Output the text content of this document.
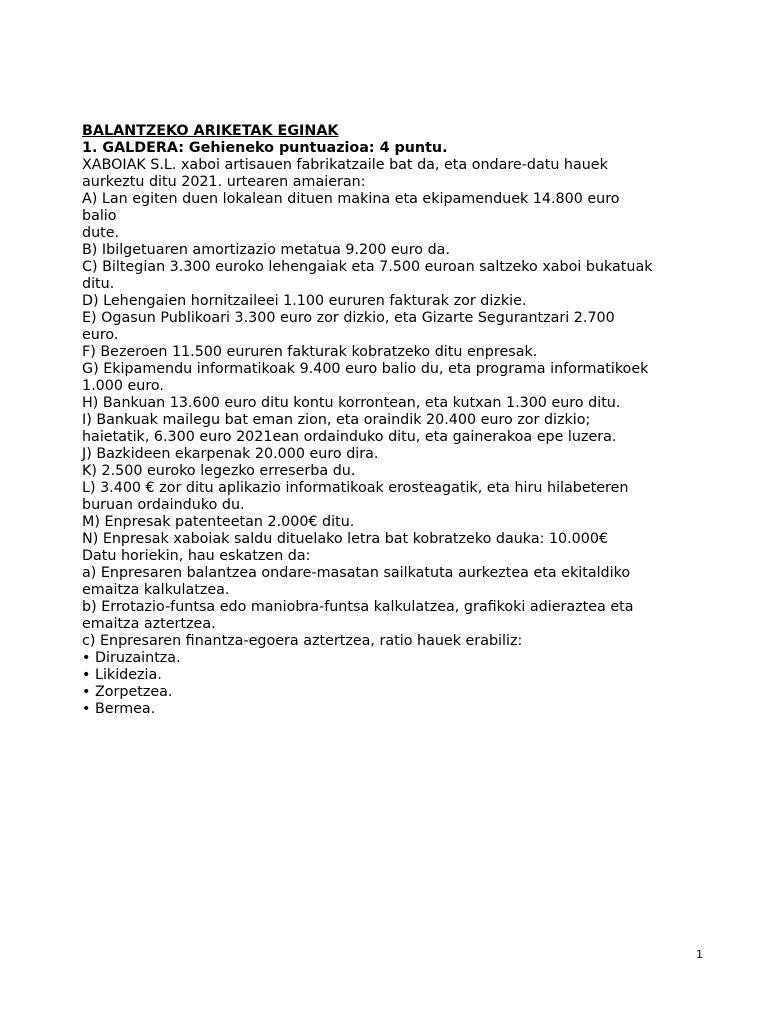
BALANTZEKO ARIKETAK EGINAK
1. GALDERA: Gehieneko puntuazioa: 4 puntu.
XABOIAK S.L. xaboi artisauen fabrikatzaile bat da, eta ondare-datu hauek
aurkeztu ditu 2021. urtearen amaieran:
A) Lan egiten duen lokalean dituen makina eta ekipamenduek 14.800 euro
balio
dute.
B) Ibilgetuaren amortizazio metatua 9.200 euro da.
C) Biltegian 3.300 euroko lehengaiak eta 7.500 euroan saltzeko xaboi bukatuak
ditu.
D) Lehengaien hornitzaileei 1.100 eururen fakturak zor dizkie.
E) Ogasun Publikoari 3.300 euro zor dizkio, eta Gizarte Segurantzari 2.700
euro.
F) Bezeroen 11.500 eururen fakturak kobratzeko ditu enpresak.
G) Ekipamendu informatikoak 9.400 euro balio du, eta programa informatikoek
1.000 euro.
H) Bankuan 13.600 euro ditu kontu korrontean, eta kutxan 1.300 euro ditu.
I) Bankuak mailegu bat eman zion, eta oraindik 20.400 euro zor dizkio;
haietatik, 6.300 euro 2021ean ordainduko ditu, eta gainerakoa epe luzera.
J) Bazkideen ekarpenak 20.000 euro dira.
K) 2.500 euroko legezko erreserba du.
L) 3.400 € zor ditu aplikazio informatikoak erosteagatik, eta hiru hilabeteren
buruan ordainduko du.
M) Enpresak patenteetan 2.000€ ditu.
N) Enpresak xaboiak saldu dituelako letra bat kobratzeko dauka: 10.000€
Datu horiekin, hau eskatzen da:
a) Enpresaren balantzea ondare-masatan sailkatuta aurkeztea eta ekitaldiko
emaitza kalkulatzea.
b) Errotazio-funtsa edo maniobra-funtsa kalkulatzea, grafikoki adieraztea eta
emaitza aztertzea.
c) Enpresaren finantza-egoera aztertzea, ratio hauek erabiliz:
• Diruzaintza.
• Likidezia.
• Zorpetzea.
• Bermea.
1
